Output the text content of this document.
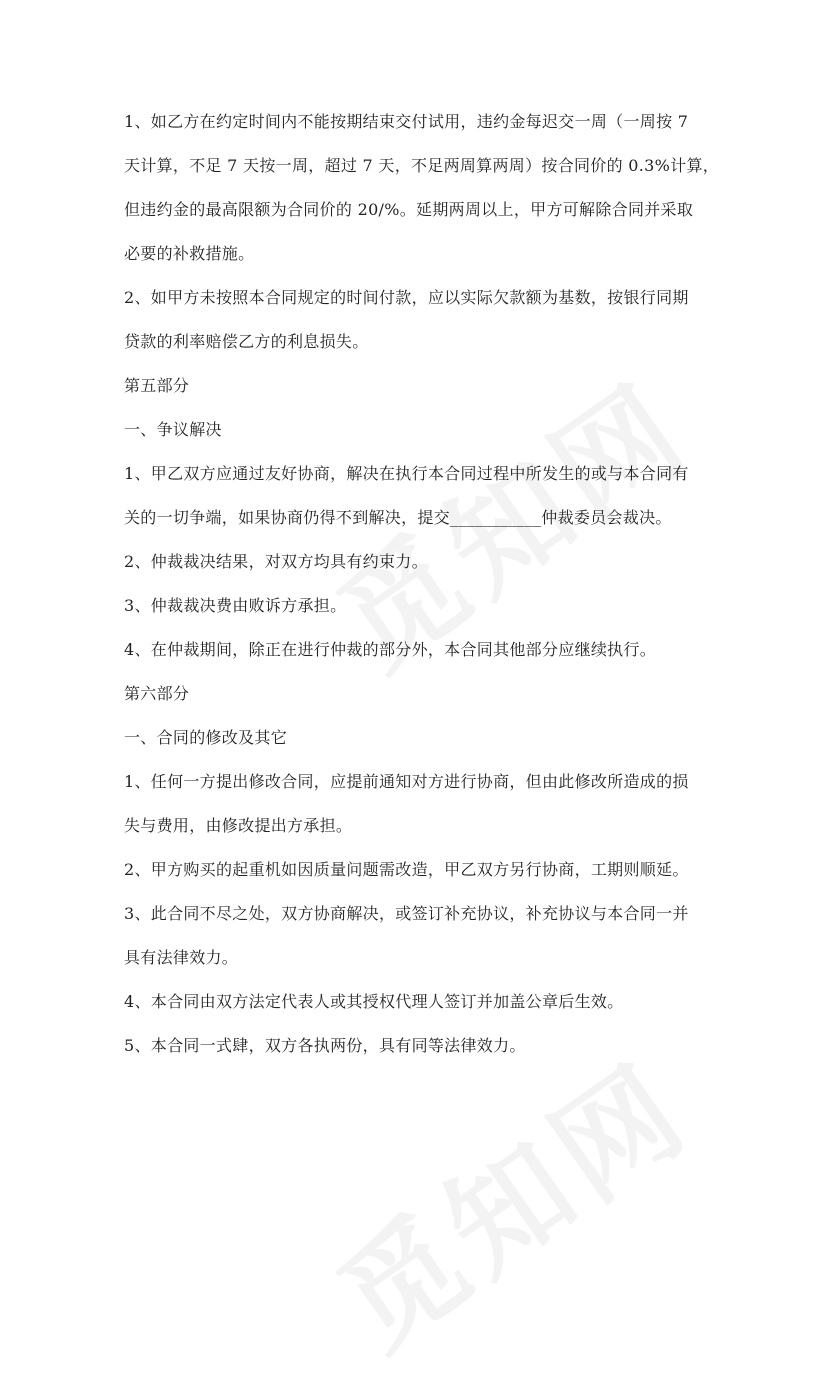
1、如乙方在约定时间内不能按期结束交付试用，违约金每迟交一周（一周按 7
天计算，不足 7 天按一周，超过 7 天，不足两周算两周）按合同价的 0.3%计算，
但违约金的最高限额为合同价的 20/%。延期两周以上，甲方可解除合同并采取
必要的补救措施。

2、如甲方未按照本合同规定的时间付款，应以实际欠款额为基数，按银行同期
贷款的利率赔偿乙方的利息损失。

第五部分

一、争议解决

1、甲乙双方应通过友好协商，解决在执行本合同过程中所发生的或与本合同有
关的一切争端，如果协商仍得不到解决，提交___________仲裁委员会裁决。

2、仲裁裁决结果，对双方均具有约束力。

3、仲裁裁决费由败诉方承担。

4、在仲裁期间，除正在进行仲裁的部分外，本合同其他部分应继续执行。

第六部分

一、合同的修改及其它

1、任何一方提出修改合同，应提前通知对方进行协商，但由此修改所造成的损
失与费用，由修改提出方承担。

2、甲方购买的起重机如因质量问题需改造，甲乙双方另行协商，工期则顺延。

3、此合同不尽之处，双方协商解决，或签订补充协议，补充协议与本合同一并
具有法律效力。

4、本合同由双方法定代表人或其授权代理人签订并加盖公章后生效。

5、本合同一式肆，双方各执两份，具有同等法律效力。
